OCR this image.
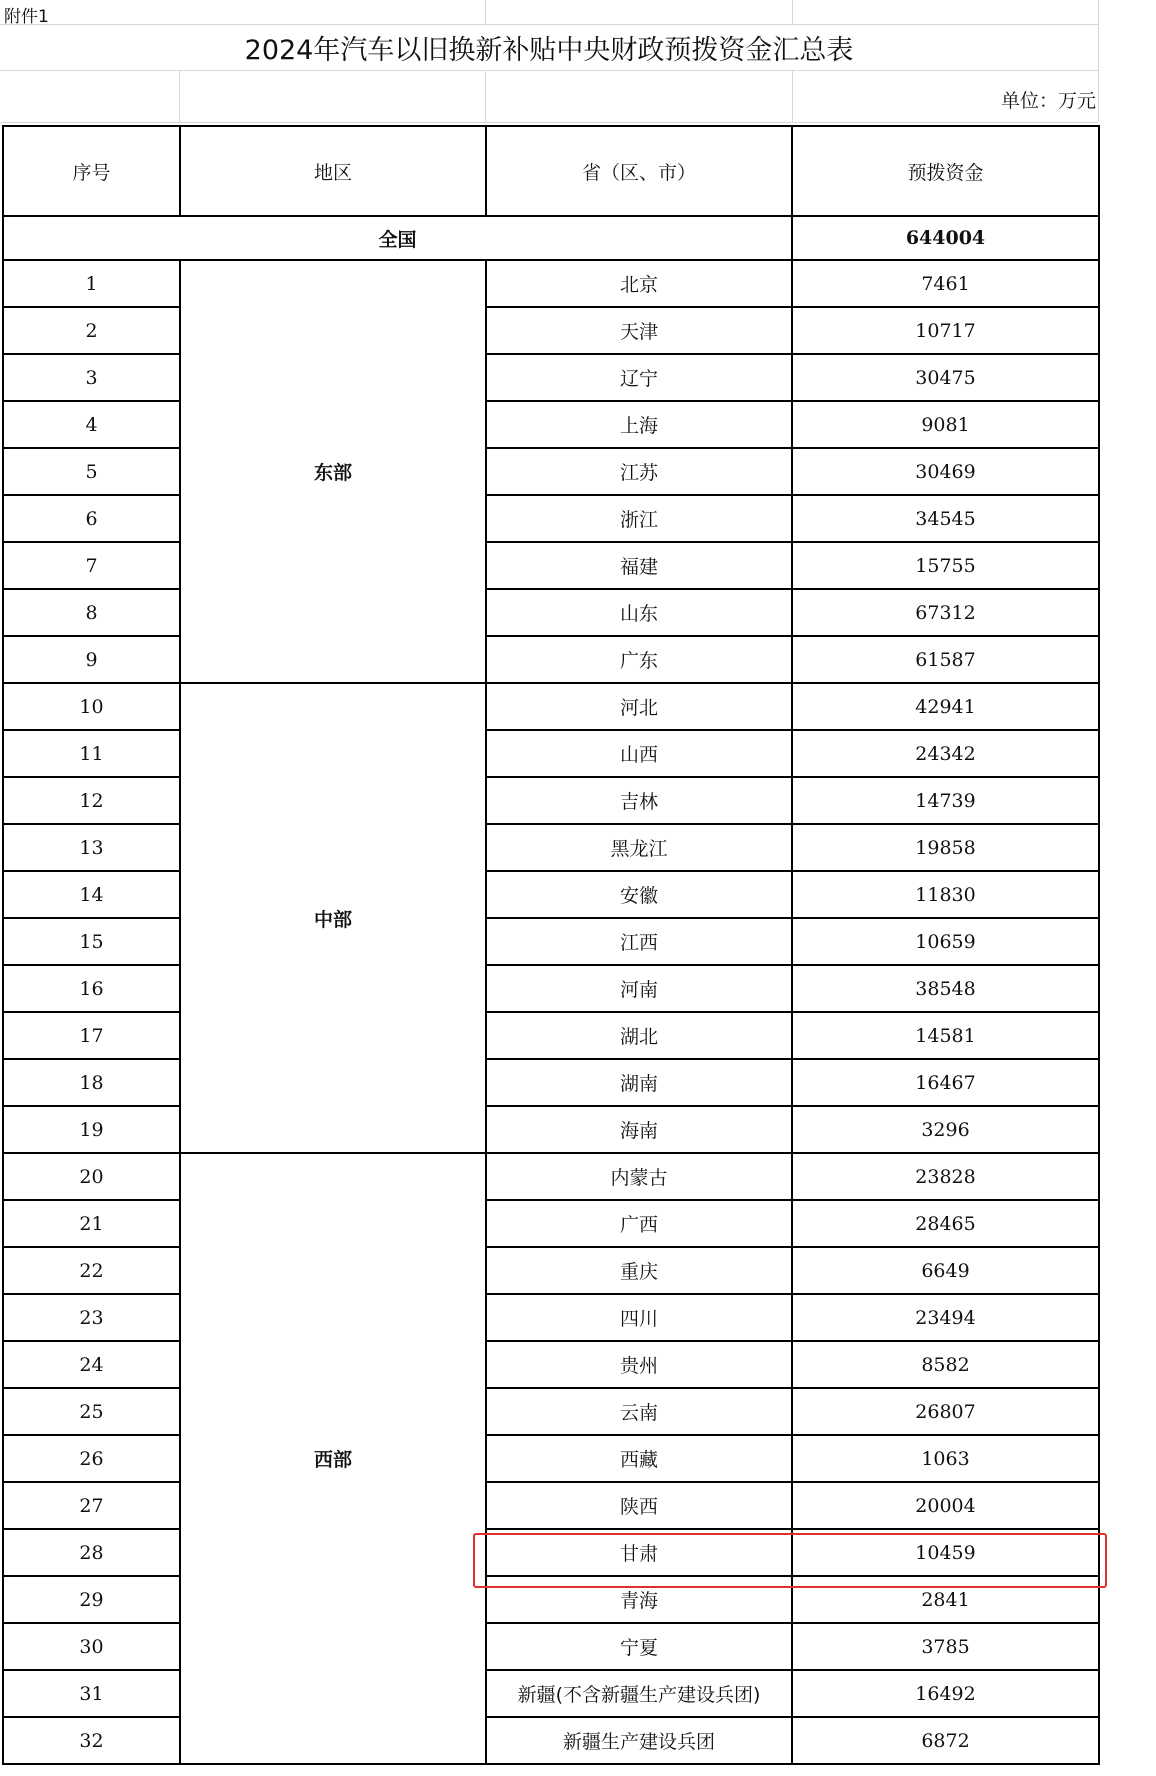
附件1
2024年汽车以旧换新补贴中央财政预拨资金汇总表
单位：万元
序号	地区	省（区、市）	预拨资金
全国			644004
1	东部	北京	7461
2		天津	10717
3		辽宁	30475
4		上海	9081
5		江苏	30469
6		浙江	34545
7		福建	15755
8		山东	67312
9		广东	61587
10	中部	河北	42941
11		山西	24342
12		吉林	14739
13		黑龙江	19858
14		安徽	11830
15		江西	10659
16		河南	38548
17		湖北	14581
18		湖南	16467
19		海南	3296
20	西部	内蒙古	23828
21		广西	28465
22		重庆	6649
23		四川	23494
24		贵州	8582
25		云南	26807
26		西藏	1063
27		陕西	20004
28		甘肃	10459
29		青海	2841
30		宁夏	3785
31		新疆(不含新疆生产建设兵团)	16492
32		新疆生产建设兵团	6872
